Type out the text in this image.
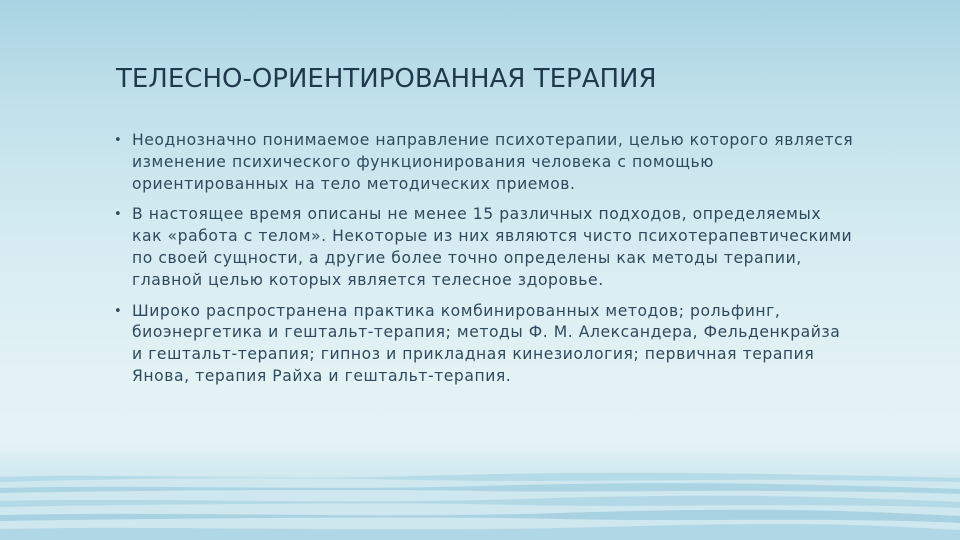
ТЕЛЕСНО-ОРИЕНТИРОВАННАЯ ТЕРАПИЯ
• Неоднозначно понимаемое направление психотерапии, целью которого является изменение психического функционирования человека с помощью ориентированных на тело методических приемов.
• В настоящее время описаны не менее 15 различных подходов, определяемых как «работа с телом». Некоторые из них являются чисто психотерапевтическими по своей сущности, а другие более точно определены как методы терапии, главной целью которых является телесное здоровье.
• Широко распространена практика комбинированных методов; рольфинг, биоэнергетика и гештальт-терапия; методы Ф. М. Александера, Фельденкрайза и гештальт-терапия; гипноз и прикладная кинезиология; первичная терапия Янова, терапия Райха и гештальт-терапия.
